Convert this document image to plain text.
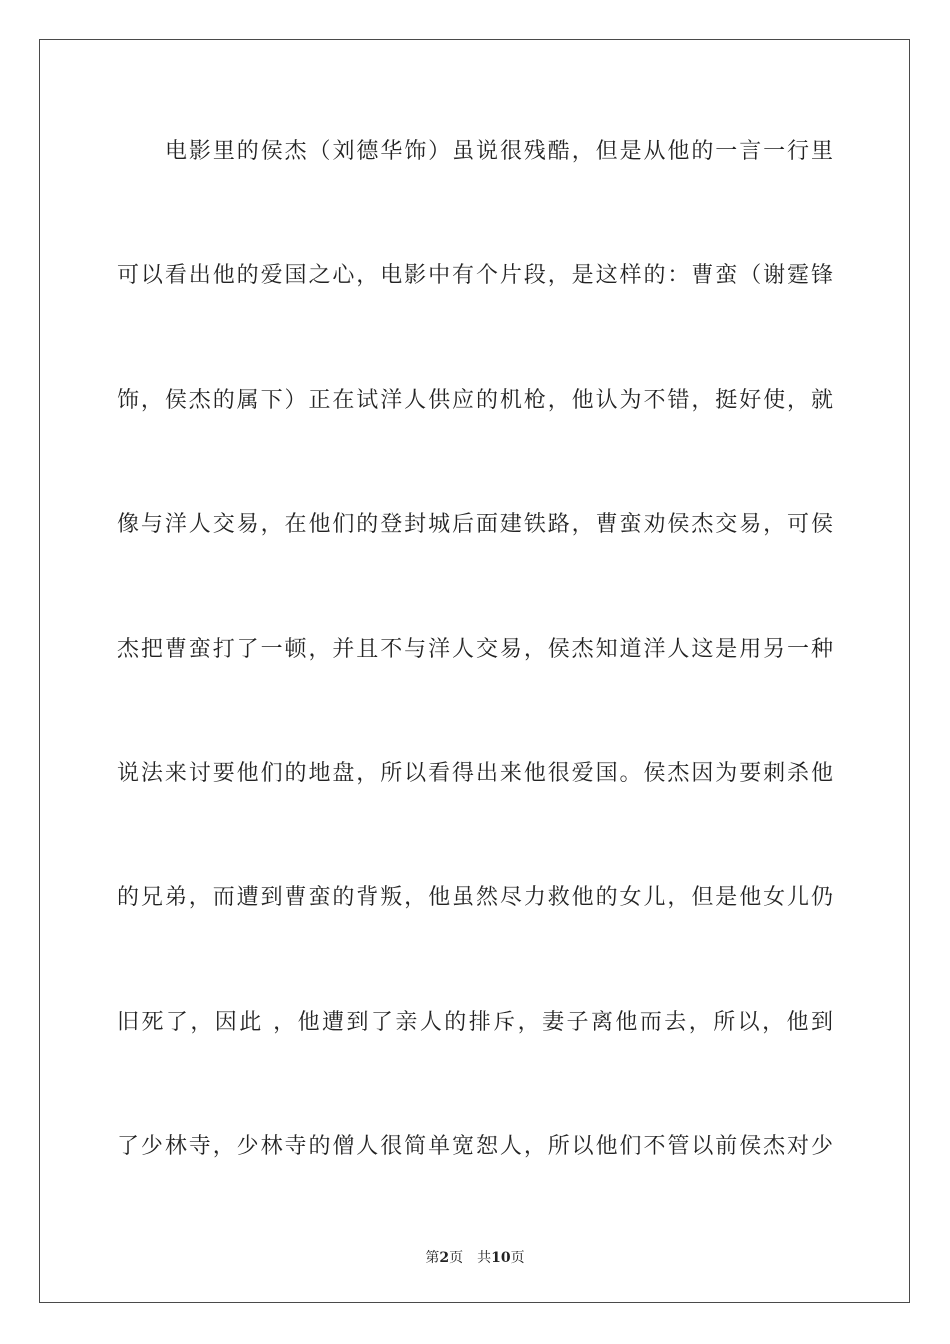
电影里的侯杰（刘德华饰）虽说很残酷，但是从他的一言一行里
可以看出他的爱国之心，电影中有个片段，是这样的：曹蛮（谢霆锋
饰，侯杰的属下）正在试洋人供应的机枪，他认为不错，挺好使，就
像与洋人交易，在他们的登封城后面建铁路，曹蛮劝侯杰交易，可侯
杰把曹蛮打了一顿，并且不与洋人交易，侯杰知道洋人这是用另一种
说法来讨要他们的地盘，所以看得出来他很爱国。侯杰因为要刺杀他
的兄弟，而遭到曹蛮的背叛，他虽然尽力救他的女儿，但是他女儿仍
旧死了，因此 ，他遭到了亲人的排斥，妻子离他而去，所以，他到
了少林寺，少林寺的僧人很简单宽恕人，所以他们不管以前侯杰对少
第2页 共10页
